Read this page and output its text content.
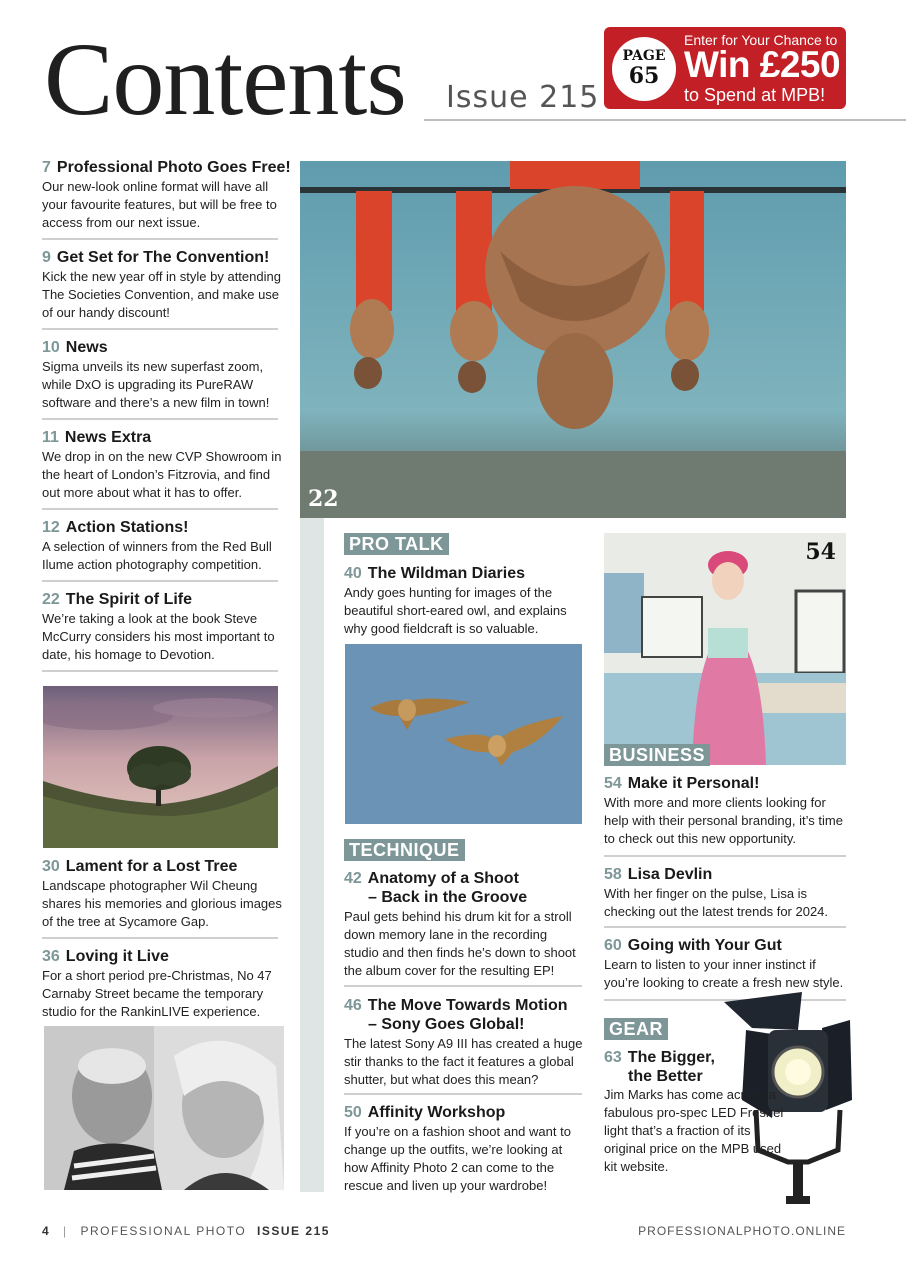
Contents Issue 215
PAGE
65
Enter for Your Chance to
Win £250
to Spend at MPB!
7 Professional Photo Goes Free!
Our new-look online format will have all your favourite features, but will be free to access from our next issue.
9 Get Set for The Convention!
Kick the new year off in style by attending The Societies Convention, and make use of our handy discount!
10 News
Sigma unveils its new superfast zoom, while DxO is upgrading its PureRAW software and there’s a new film in town!
11 News Extra
We drop in on the new CVP Showroom in the heart of London’s Fitzrovia, and find out more about what it has to offer.
12 Action Stations!
A selection of winners from the Red Bull Ilume action photography competition.
22 The Spirit of Life
We’re taking a look at the book Steve McCurry considers his most important to date, his homage to Devotion.
30 Lament for a Lost Tree
Landscape photographer Wil Cheung shares his memories and glorious images of the tree at Sycamore Gap.
36 Loving it Live
For a short period pre-Christmas, No 47 Carnaby Street became the temporary studio for the RankinLIVE experience.
22
PRO TALK
40 The Wildman Diaries
Andy goes hunting for images of the beautiful short-eared owl, and explains why good fieldcraft is so valuable.
TECHNIQUE
42 Anatomy of a Shoot
– Back in the Groove
Paul gets behind his drum kit for a stroll down memory lane in the recording studio and then finds he’s down to shoot the album cover for the resulting EP!
46 The Move Towards Motion
– Sony Goes Global!
The latest Sony A9 III has created a huge stir thanks to the fact it features a global shutter, but what does this mean?
50 Affinity Workshop
If you’re on a fashion shoot and want to change up the outfits, we’re looking at how Affinity Photo 2 can come to the rescue and liven up your wardrobe!
54
BUSINESS
54 Make it Personal!
With more and more clients looking for help with their personal branding, it’s time to check out this new opportunity.
58 Lisa Devlin
With her finger on the pulse, Lisa is checking out the latest trends for 2024.
60 Going with Your Gut
Learn to listen to your inner instinct if you’re looking to create a fresh new style.
GEAR
63 The Bigger,
the Better
Jim Marks has come across a fabulous pro-spec LED Fresnel light that’s a fraction of its original price on the MPB used kit website.
4 | PROFESSIONAL PHOTO ISSUE 215	PROFESSIONALPHOTO.ONLINE
